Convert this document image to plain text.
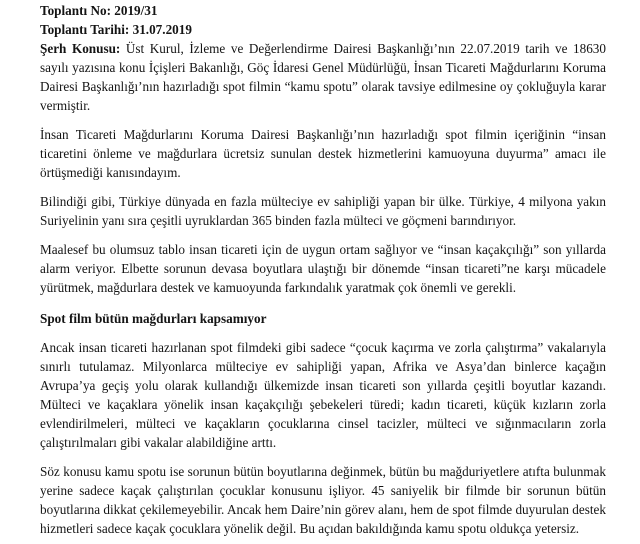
Toplantı No: 2019/31
Toplantı Tarihi: 31.07.2019

Şerh Konusu: Üst Kurul, İzleme ve Değerlendirme Dairesi Başkanlığı’nın 22.07.2019 tarih ve 18630 sayılı yazısına konu İçişleri Bakanlığı, Göç İdaresi Genel Müdürlüğü, İnsan Ticareti Mağdurlarını Koruma Dairesi Başkanlığı’nın hazırladığı spot filmin “kamu spotu” olarak tavsiye edilmesine oy çokluğuyla karar vermiştir.

İnsan Ticareti Mağdurlarını Koruma Dairesi Başkanlığı’nın hazırladığı spot filmin içeriğinin “insan ticaretini önleme ve mağdurlara ücretsiz sunulan destek hizmetlerini kamuoyuna duyurma” amacı ile örtüşmediği kanısındayım.

Bilindiği gibi, Türkiye dünyada en fazla mülteciye ev sahipliği yapan bir ülke. Türkiye, 4 milyona yakın Suriyelinin yanı sıra çeşitli uyruklardan 365 binden fazla mülteci ve göçmeni barındırıyor.

Maalesef bu olumsuz tablo insan ticareti için de uygun ortam sağlıyor ve “insan kaçakçılığı” son yıllarda alarm veriyor. Elbette sorunun devasa boyutlara ulaştığı bir dönemde “insan ticareti”ne karşı mücadele yürütmek, mağdurlara destek ve kamuoyunda farkındalık yaratmak çok önemli ve gerekli.

Spot film bütün mağdurları kapsamıyor

Ancak insan ticareti hazırlanan spot filmdeki gibi sadece “çocuk kaçırma ve zorla çalıştırma” vakalarıyla sınırlı tutulamaz. Milyonlarca mülteciye ev sahipliği yapan, Afrika ve Asya’dan binlerce kaçağın Avrupa’ya geçiş yolu olarak kullandığı ülkemizde insan ticareti son yıllarda çeşitli boyutlar kazandı. Mülteci ve kaçaklara yönelik insan kaçakçılığı şebekeleri türedi; kadın ticareti, küçük kızların zorla evlendirilmeleri, mülteci ve kaçakların çocuklarına cinsel tacizler, mülteci ve sığınmacıların zorla çalıştırılmaları gibi vakalar alabildiğine arttı.

Söz konusu kamu spotu ise sorunun bütün boyutlarına değinmek, bütün bu mağduriyetlere atıfta bulunmak yerine sadece kaçak çalıştırılan çocuklar konusunu işliyor. 45 saniyelik bir filmde bir sorunun bütün boyutlarına dikkat çekilemeyebilir. Ancak hem Daire’nin görev alanı, hem de spot filmde duyurulan destek hizmetleri sadece kaçak çocuklara yönelik değil. Bu açıdan bakıldığında kamu spotu oldukça yetersiz.
